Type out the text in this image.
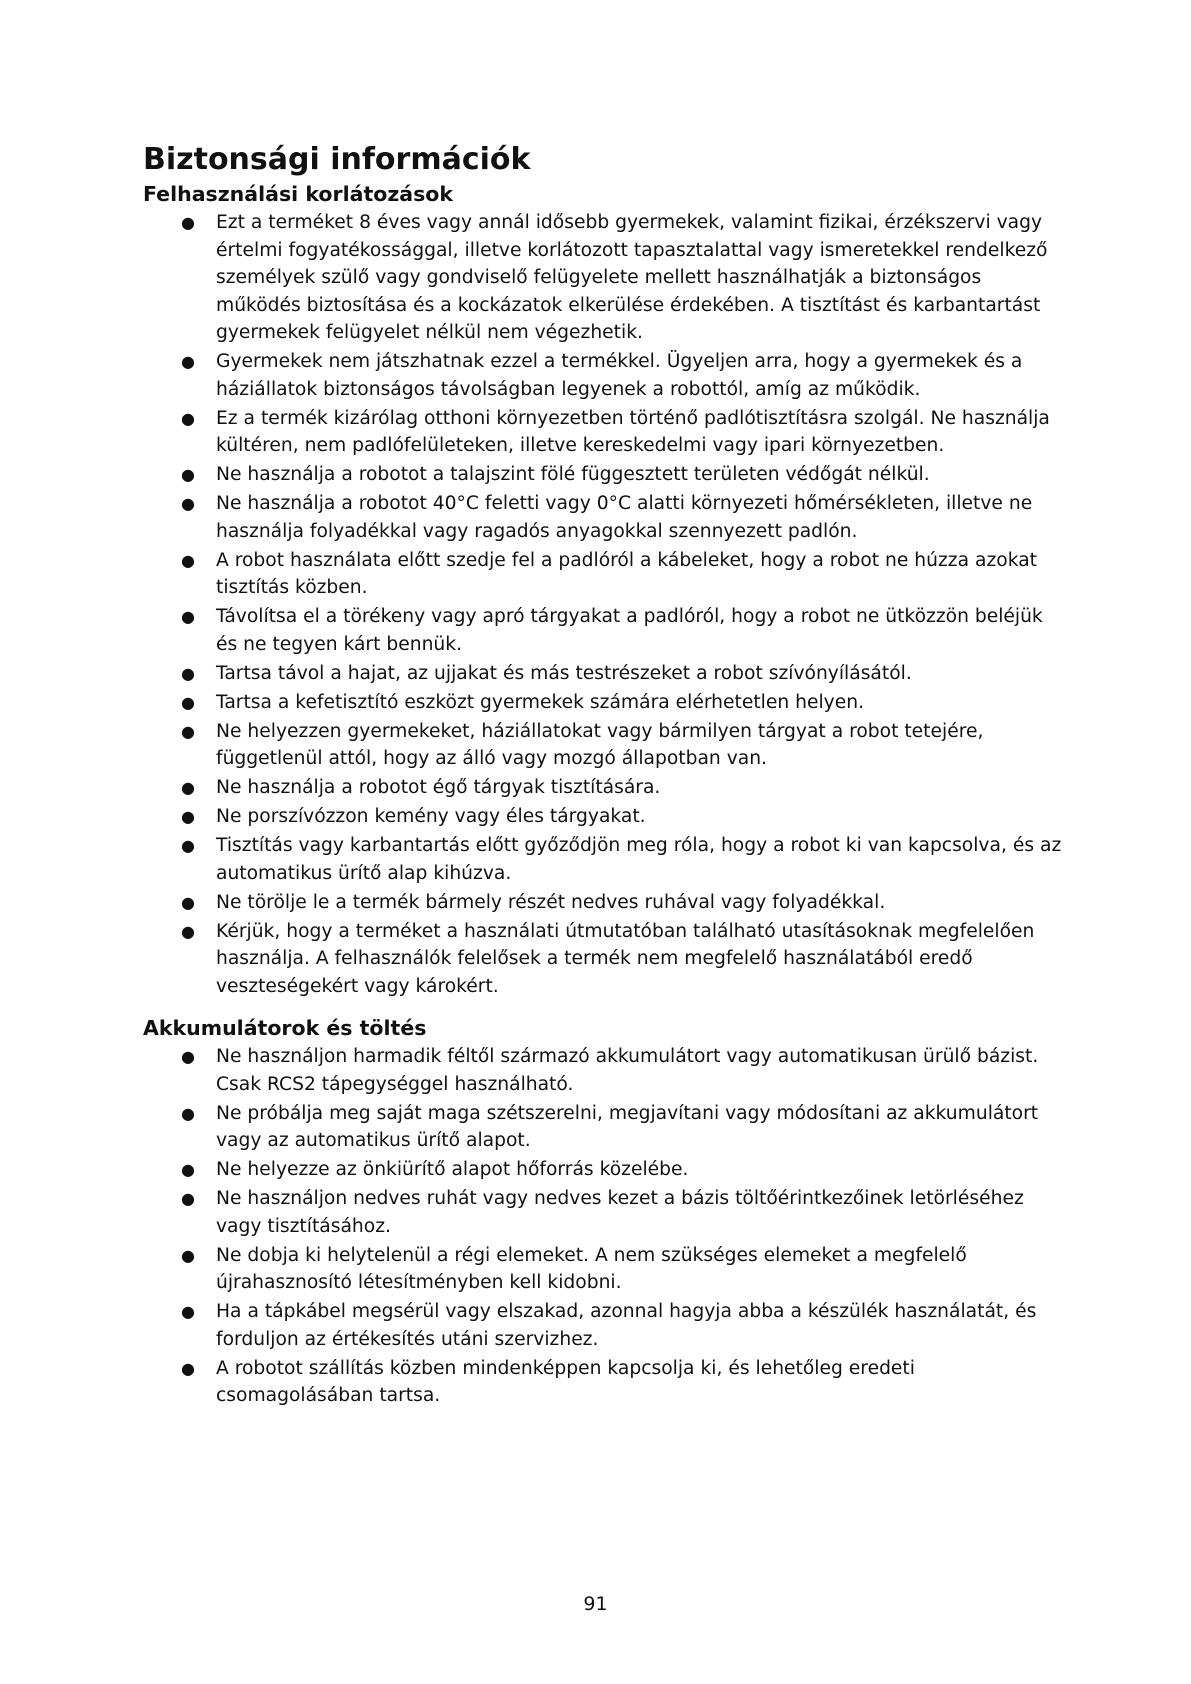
Biztonsági információk
Felhasználási korlátozások
● Ezt a terméket 8 éves vagy annál idősebb gyermekek, valamint fizikai, érzékszervi vagy értelmi fogyatékossággal, illetve korlátozott tapasztalattal vagy ismeretekkel rendelkező személyek szülő vagy gondviselő felügyelete mellett használhatják a biztonságos működés biztosítása és a kockázatok elkerülése érdekében. A tisztítást és karbantartást gyermekek felügyelet nélkül nem végezhetik.
● Gyermekek nem játszhatnak ezzel a termékkel. Ügyeljen arra, hogy a gyermekek és a háziállatok biztonságos távolságban legyenek a robottól, amíg az működik.
● Ez a termék kizárólag otthoni környezetben történő padlótisztításra szolgál. Ne használja kültéren, nem padlófelületeken, illetve kereskedelmi vagy ipari környezetben.
● Ne használja a robotot a talajszint fölé függesztett területen védőgát nélkül.
● Ne használja a robotot 40°C feletti vagy 0°C alatti környezeti hőmérsékleten, illetve ne használja folyadékkal vagy ragadós anyagokkal szennyezett padlón.
● A robot használata előtt szedje fel a padlóról a kábeleket, hogy a robot ne húzza azokat tisztítás közben.
● Távolítsa el a törékeny vagy apró tárgyakat a padlóról, hogy a robot ne ütközzön beléjük és ne tegyen kárt bennük.
● Tartsa távol a hajat, az ujjakat és más testrészeket a robot szívónyílásától.
● Tartsa a kefetisztító eszközt gyermekek számára elérhetetlen helyen.
● Ne helyezzen gyermekeket, háziállatokat vagy bármilyen tárgyat a robot tetejére, függetlenül attól, hogy az álló vagy mozgó állapotban van.
● Ne használja a robotot égő tárgyak tisztítására.
● Ne porszívózzon kemény vagy éles tárgyakat.
● Tisztítás vagy karbantartás előtt győződjön meg róla, hogy a robot ki van kapcsolva, és az automatikus ürítő alap kihúzva.
● Ne törölje le a termék bármely részét nedves ruhával vagy folyadékkal.
● Kérjük, hogy a terméket a használati útmutatóban található utasításoknak megfelelően használja. A felhasználók felelősek a termék nem megfelelő használatából eredő veszteségekért vagy károkért.
Akkumulátorok és töltés
● Ne használjon harmadik féltől származó akkumulátort vagy automatikusan ürülő bázist. Csak RCS2 tápegységgel használható.
● Ne próbálja meg saját maga szétszerelni, megjavítani vagy módosítani az akkumulátort vagy az automatikus ürítő alapot.
● Ne helyezze az önkiürítő alapot hőforrás közelébe.
● Ne használjon nedves ruhát vagy nedves kezet a bázis töltőérintkezőinek letörléséhez vagy tisztításához.
● Ne dobja ki helytelenül a régi elemeket. A nem szükséges elemeket a megfelelő újrahasznosító létesítményben kell kidobni.
● Ha a tápkábel megsérül vagy elszakad, azonnal hagyja abba a készülék használatát, és forduljon az értékesítés utáni szervizhez.
● A robotot szállítás közben mindenképpen kapcsolja ki, és lehetőleg eredeti csomagolásában tartsa.
91
